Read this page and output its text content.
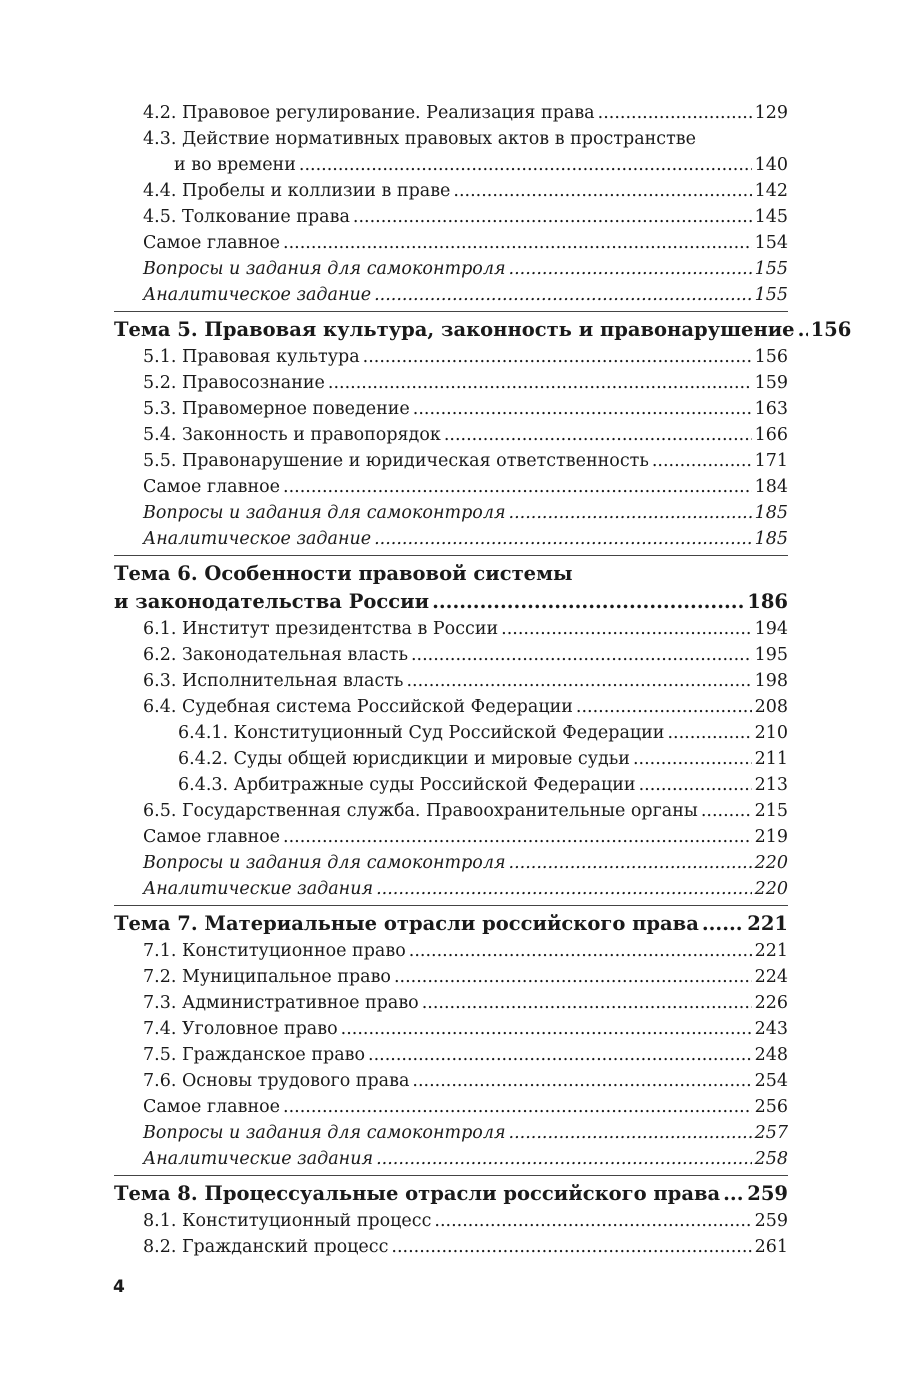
4.2. Правовое регулирование. Реализация права .....	129
4.3. Действие нормативных правовых актов в пространстве
и во времени .....	140
4.4. Пробелы и коллизии в праве .....	142
4.5. Толкование права .....	145
Самое главное .....	154
Вопросы и задания для самоконтроля .....	155
Аналитическое задание .....	155
Тема 5. Правовая культура, законность и правонарушение ..... 156
5.1. Правовая культура .....	156
5.2. Правосознание .....	159
5.3. Правомерное поведение .....	163
5.4. Законность и правопорядок .....	166
5.5. Правонарушение и юридическая ответственность .....	171
Самое главное .....	184
Вопросы и задания для самоконтроля .....	185
Аналитическое задание .....	185
Тема 6. Особенности правовой системы
и законодательства России .....	186
6.1. Институт президентства в России .....	194
6.2. Законодательная власть .....	195
6.3. Исполнительная власть .....	198
6.4. Судебная система Российской Федерации .....	208
6.4.1. Конституционный Суд Российской Федерации .....	210
6.4.2. Суды общей юрисдикции и мировые судьи .....	211
6.4.3. Арбитражные суды Российской Федерации .....	213
6.5. Государственная служба. Правоохранительные органы .....	215
Самое главное .....	219
Вопросы и задания для самоконтроля .....	220
Аналитические задания .....	220
Тема 7. Материальные отрасли российского права ..... 221
7.1. Конституционное право .....	221
7.2. Муниципальное право .....	224
7.3. Административное право .....	226
7.4. Уголовное право .....	243
7.5. Гражданское право .....	248
7.6. Основы трудового права .....	254
Самое главное .....	256
Вопросы и задания для самоконтроля .....	257
Аналитические задания .....	258
Тема 8. Процессуальные отрасли российского права ..... 259
8.1. Конституционный процесс .....	259
8.2. Гражданский процесс .....	261
4
